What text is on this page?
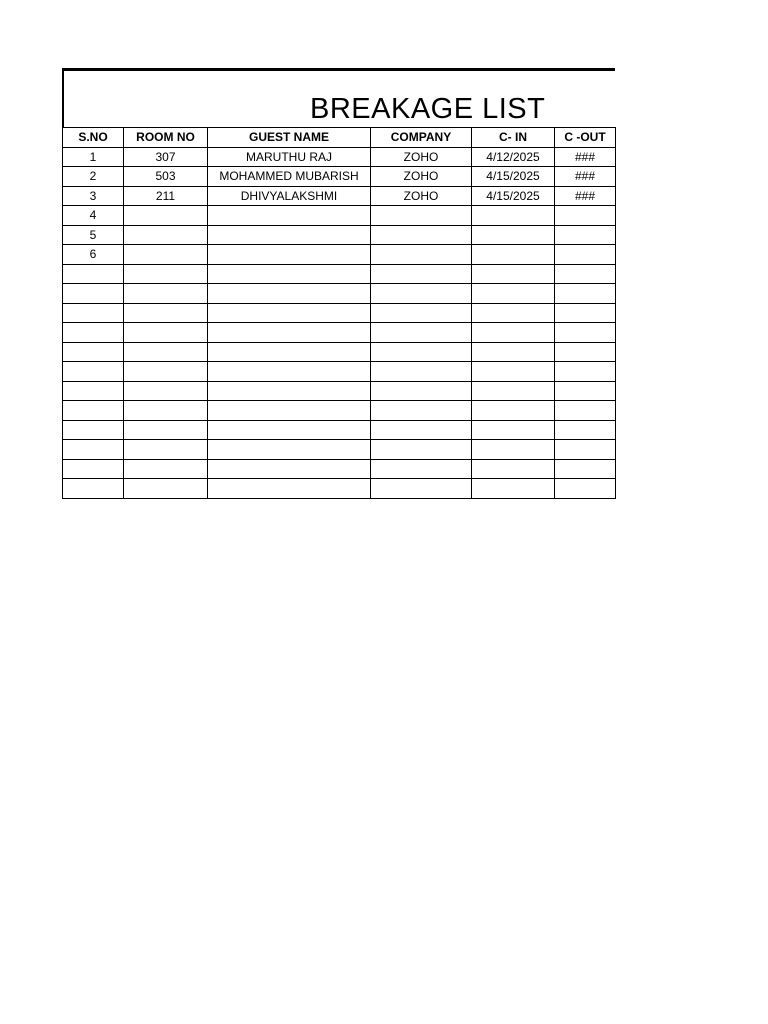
BREAKAGE LIST
S.NO	ROOM NO	GUEST NAME	COMPANY	C- IN	C -OUT
1	307	MARUTHU RAJ	ZOHO	4/12/2025	###
2	503	MOHAMMED MUBARISH	ZOHO	4/15/2025	###
3	211	DHIVYALAKSHMI	ZOHO	4/15/2025	###
4					
5					
6					
